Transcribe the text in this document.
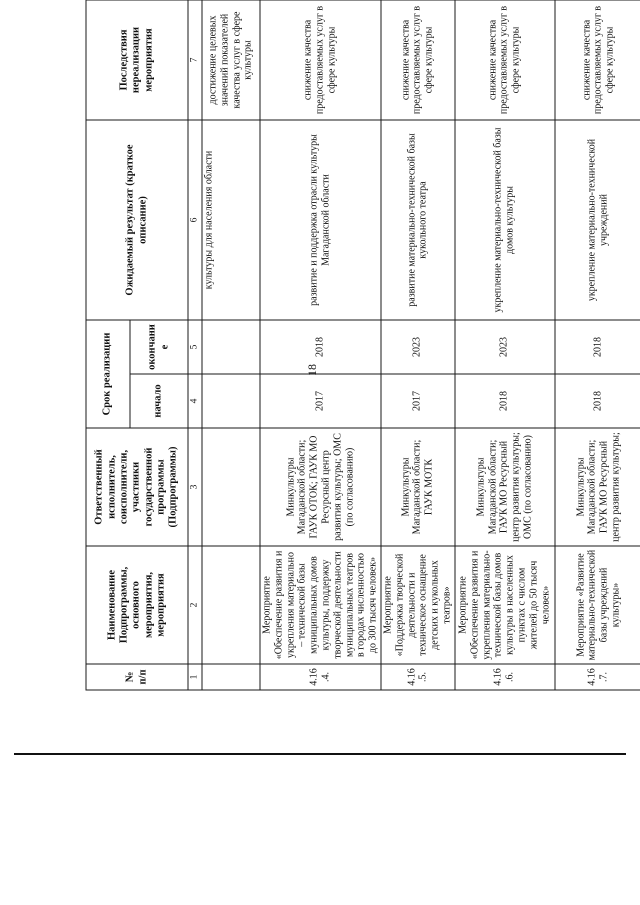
18
№ п/п	Наименование Подпрограммы, основного мероприятия, мероприятия	Ответственный исполнитель, соисполнители, участники государственной программы (Подпрограммы)	Срок реализации		Ожидаемый результат (краткое описание)	Последствия нереализации мероприятия
			начало	окончание		
1	2	3	4	5	6	7
					культуры для населения области	достижение целевых значений показателей качества услуг в сфере культуры
4.16.4.	Мероприятие «Обеспечение развития и укрепления материально – технической базы муниципальных домов культуры, поддержку творческой деятельности муниципальных театров в городах численностью до 300 тысяч человек»	Минкультуры Магаданской области; ГАУК ОТОК; ГАУК МО Ресурсный центр развития культуры; ОМС (по согласованию)	2017	2018	развитие и поддержка отрасли культуры Магаданской области	снижение качества предоставляемых услуг в сфере культуры
4.16.5.	Мероприятие «Поддержка творческой деятельности и техническое оснащение детских и кукольных театров»	Минкультуры Магаданской области; ГАУК МОТК	2017	2023	развитие материально-технической базы кукольного театра	снижение качества предоставляемых услуг в сфере культуры
4.16.6.	Мероприятие «Обеспечение развития и укрепления материально-технической базы домов культуры в населенных пунктах с числом жителей до 50 тысяч человек»	Минкультуры Магаданской области; ГАУК МО Ресурсный центр развития культуры; ОМС (по согласованию)	2018	2023	укрепление материально-технической базы домов культуры	снижение качества предоставляемых услуг в сфере культуры
4.16.7.	Мероприятие «Развитие материально-технической базы учреждений культуры»	Минкультуры Магаданской области; ГАУК МО Ресурсный центр развития культуры;	2018	2018	укрепление материально-технической учреждений	снижение качества предоставляемых услуг в сфере культуры
